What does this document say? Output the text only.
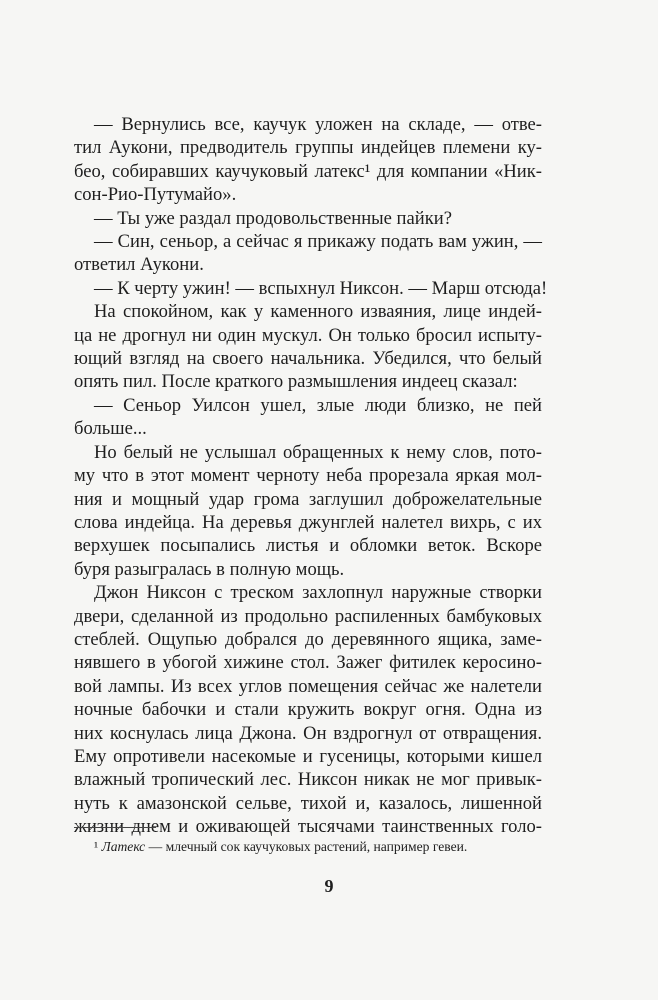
— Вернулись все, каучук уложен на складе, — отве-
тил Аукони, предводитель группы индейцев племени ку-
бео, собиравших каучуковый латекс¹ для компании «Ник-
сон-Рио-Путумайо».
— Ты уже раздал продовольственные пайки?
— Син, сеньор, а сейчас я прикажу подать вам ужин, —
ответил Аукони.
— К черту ужин! — вспыхнул Никсон. — Марш отсюда!
На спокойном, как у каменного изваяния, лице индей-
ца не дрогнул ни один мускул. Он только бросил испыту-
ющий взгляд на своего начальника. Убедился, что белый
опять пил. После краткого размышления индеец сказал:
— Сеньор Уилсон ушел, злые люди близко, не пей
больше...
Но белый не услышал обращенных к нему слов, пото-
му что в этот момент черноту неба прорезала яркая мол-
ния и мощный удар грома заглушил доброжелательные
слова индейца. На деревья джунглей налетел вихрь, с их
верхушек посыпались листья и обломки веток. Вскоре
буря разыгралась в полную мощь.
Джон Никсон с треском захлопнул наружные створки
двери, сделанной из продольно распиленных бамбуковых
стеблей. Ощупью добрался до деревянного ящика, заме-
нявшего в убогой хижине стол. Зажег фитилек керосино-
вой лампы. Из всех углов помещения сейчас же налетели
ночные бабочки и стали кружить вокруг огня. Одна из
них коснулась лица Джона. Он вздрогнул от отвращения.
Ему опротивели насекомые и гусеницы, которыми кишел
влажный тропический лес. Никсон никак не мог привык-
нуть к амазонской сельве, тихой и, казалось, лишенной
жизни днем и оживающей тысячами таинственных голо-
¹ Латекс — млечный сок каучуковых растений, например гевеи.
9
